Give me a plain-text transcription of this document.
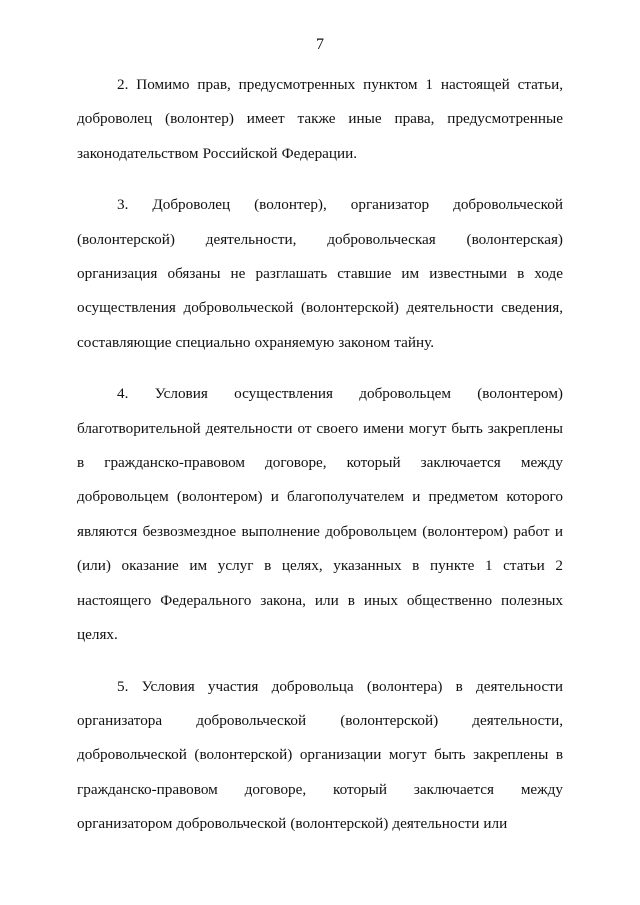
7

2. Помимо прав, предусмотренных пунктом 1 настоящей статьи, доброволец (волонтер) имеет также иные права, предусмотренные законодательством Российской Федерации.

3. Доброволец (волонтер), организатор добровольческой (волонтерской) деятельности, добровольческая (волонтерская) организация обязаны не разглашать ставшие им известными в ходе осуществления добровольческой (волонтерской) деятельности сведения, составляющие специально охраняемую законом тайну.

4. Условия осуществления добровольцем (волонтером) благотворительной деятельности от своего имени могут быть закреплены в гражданско-правовом договоре, который заключается между добровольцем (волонтером) и благополучателем и предметом которого являются безвозмездное выполнение добровольцем (волонтером) работ и (или) оказание им услуг в целях, указанных в пункте 1 статьи 2 настоящего Федерального закона, или в иных общественно полезных целях.

5. Условия участия добровольца (волонтера) в деятельности организатора добровольческой (волонтерской) деятельности, добровольческой (волонтерской) организации могут быть закреплены в гражданско-правовом договоре, который заключается между организатором добровольческой (волонтерской) деятельности или
